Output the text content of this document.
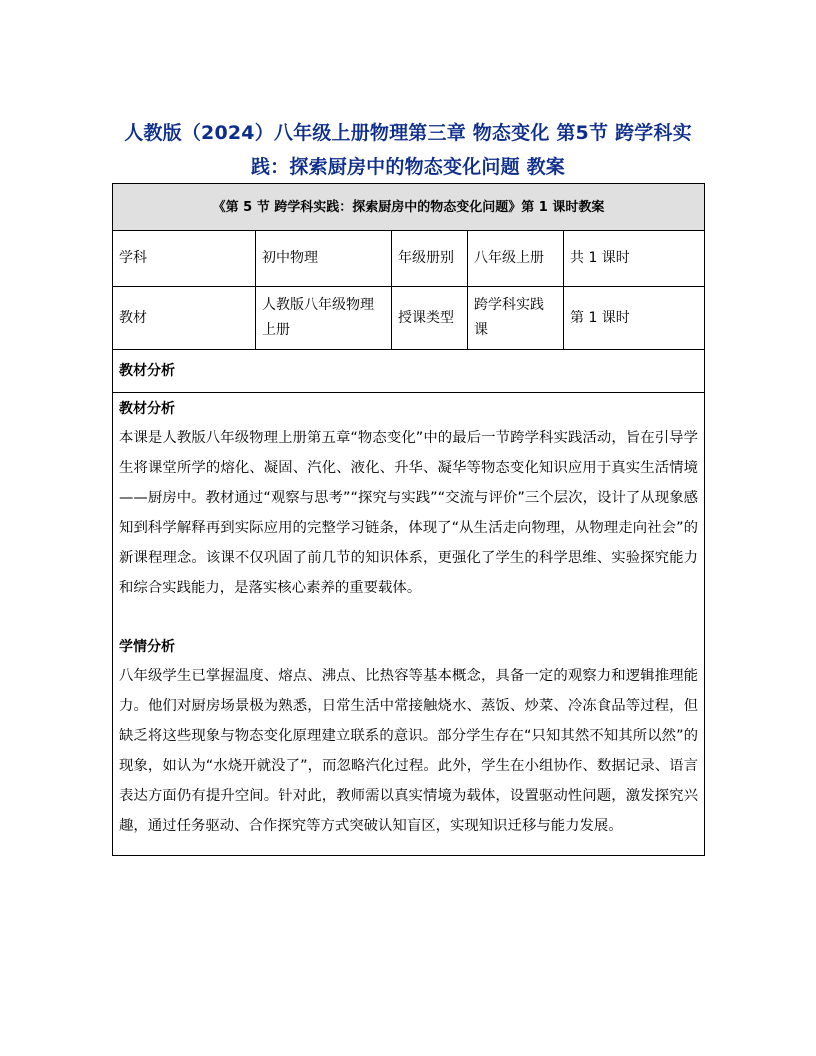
人教版（2024）八年级上册物理第三章 物态变化 第5节 跨学科实践：探索厨房中的物态变化问题 教案
《第 5 节 跨学科实践：探索厨房中的物态变化问题》第 1 课时教案				
学科	初中物理	年级册别	八年级上册	共 1 课时
教材	人教版八年级物理上册	授课类型	跨学科实践课	第 1 课时
教材分析				

教材分析

本课是人教版八年级物理上册第五章“物态变化”中的最后一节跨学科实践活动，旨在引导学生将课堂所学的熔化、凝固、汽化、液化、升华、凝华等物态变化知识应用于真实生活情境——厨房中。教材通过“观察与思考”“探究与实践”“交流与评价”三个层次，设计了从现象感知到科学解释再到实际应用的完整学习链条，体现了“从生活走向物理，从物理走向社会”的新课程理念。该课不仅巩固了前几节的知识体系，更强化了学生的科学思维、实验探究能力和综合实践能力，是落实核心素养的重要载体。

学情分析

八年级学生已掌握温度、熔点、沸点、比热容等基本概念，具备一定的观察力和逻辑推理能力。他们对厨房场景极为熟悉，日常生活中常接触烧水、蒸饭、炒菜、冷冻食品等过程，但缺乏将这些现象与物态变化原理建立联系的意识。部分学生存在“只知其然不知其所以然”的现象，如认为“水烧开就没了”，而忽略汽化过程。此外，学生在小组协作、数据记录、语言表达方面仍有提升空间。针对此，教师需以真实情境为载体，设置驱动性问题，激发探究兴趣，通过任务驱动、合作探究等方式突破认知盲区，实现知识迁移与能力发展。				
